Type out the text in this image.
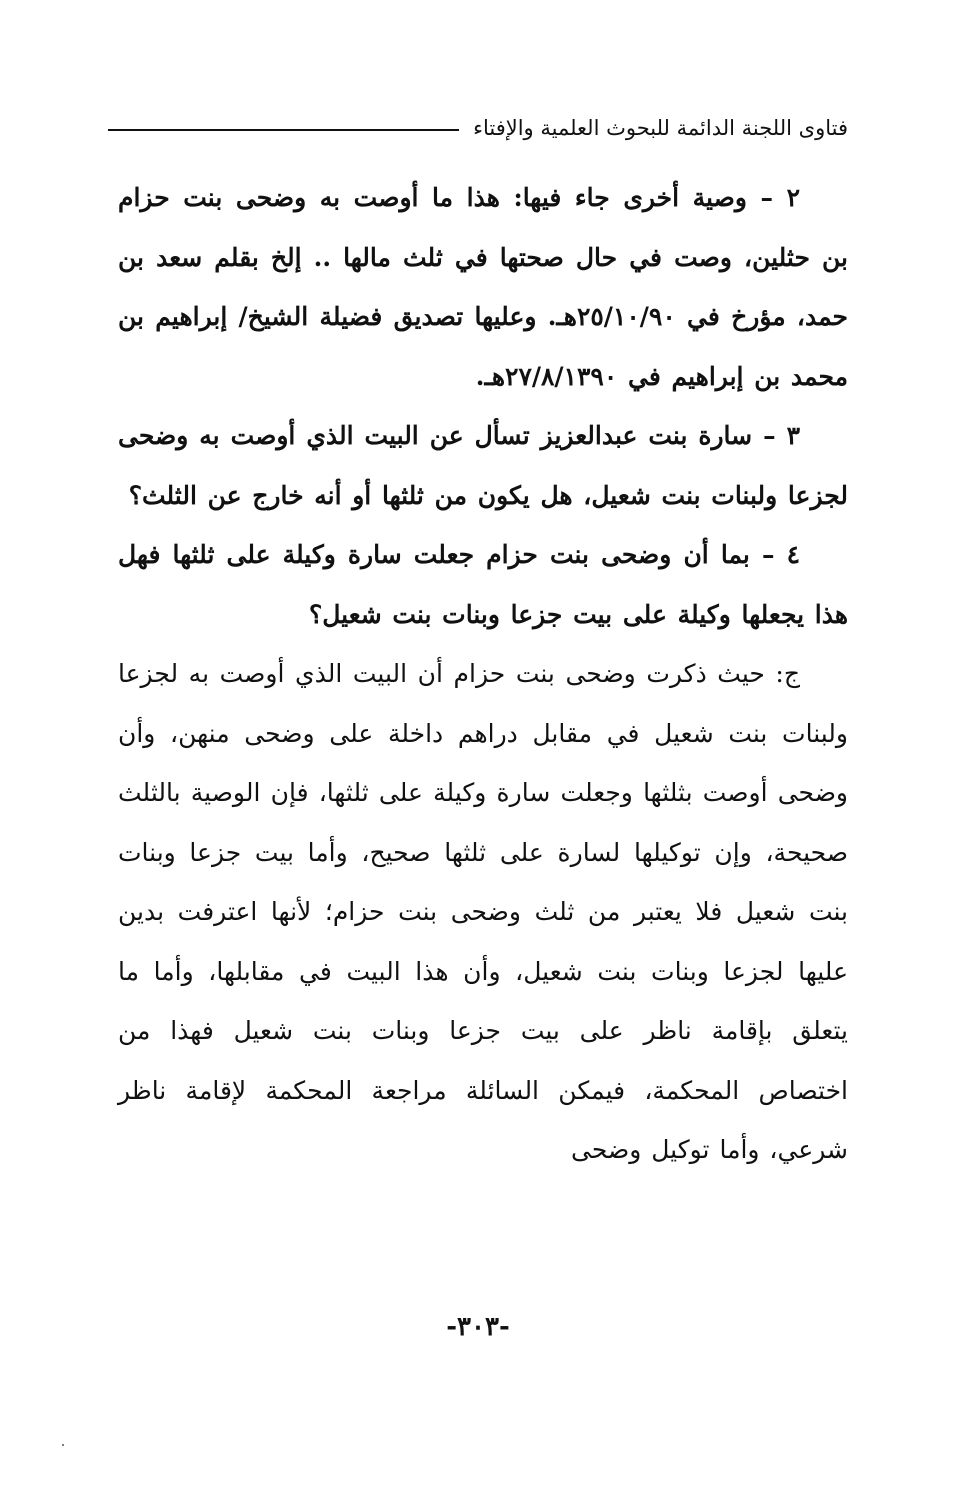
فتاوى اللجنة الدائمة للبحوث العلمية والإفتاء

٢ – وصية أخرى جاء فيها: هذا ما أوصت به وضحى بنت حزام بن حثلين، وصت في حال صحتها في ثلث مالها .. إلخ بقلم سعد بن حمد، مؤرخ في ٢٥/١٠/٩٠هـ. وعليها تصديق فضيلة الشيخ/ إبراهيم بن محمد بن إبراهيم في ٢٧/٨/١٣٩٠هـ.

٣ – سارة بنت عبدالعزيز تسأل عن البيت الذي أوصت به وضحى لجزعا ولبنات بنت شعيل، هل يكون من ثلثها أو أنه خارج عن الثلث؟

٤ – بما أن وضحى بنت حزام جعلت سارة وكيلة على ثلثها فهل هذا يجعلها وكيلة على بيت جزعا وبنات بنت شعيل؟

ج: حيث ذكرت وضحى بنت حزام أن البيت الذي أوصت به لجزعا ولبنات بنت شعيل في مقابل دراهم داخلة على وضحى منهن، وأن وضحى أوصت بثلثها وجعلت سارة وكيلة على ثلثها، فإن الوصية بالثلث صحيحة، وإن توكيلها لسارة على ثلثها صحيح، وأما بيت جزعا وبنات بنت شعيل فلا يعتبر من ثلث وضحى بنت حزام؛ لأنها اعترفت بدين عليها لجزعا وبنات بنت شعيل، وأن هذا البيت في مقابلها، وأما ما يتعلق بإقامة ناظر على بيت جزعا وبنات بنت شعيل فهذا من اختصاص المحكمة، فيمكن السائلة مراجعة المحكمة لإقامة ناظر شرعي، وأما توكيل وضحى

-٣٠٣-
